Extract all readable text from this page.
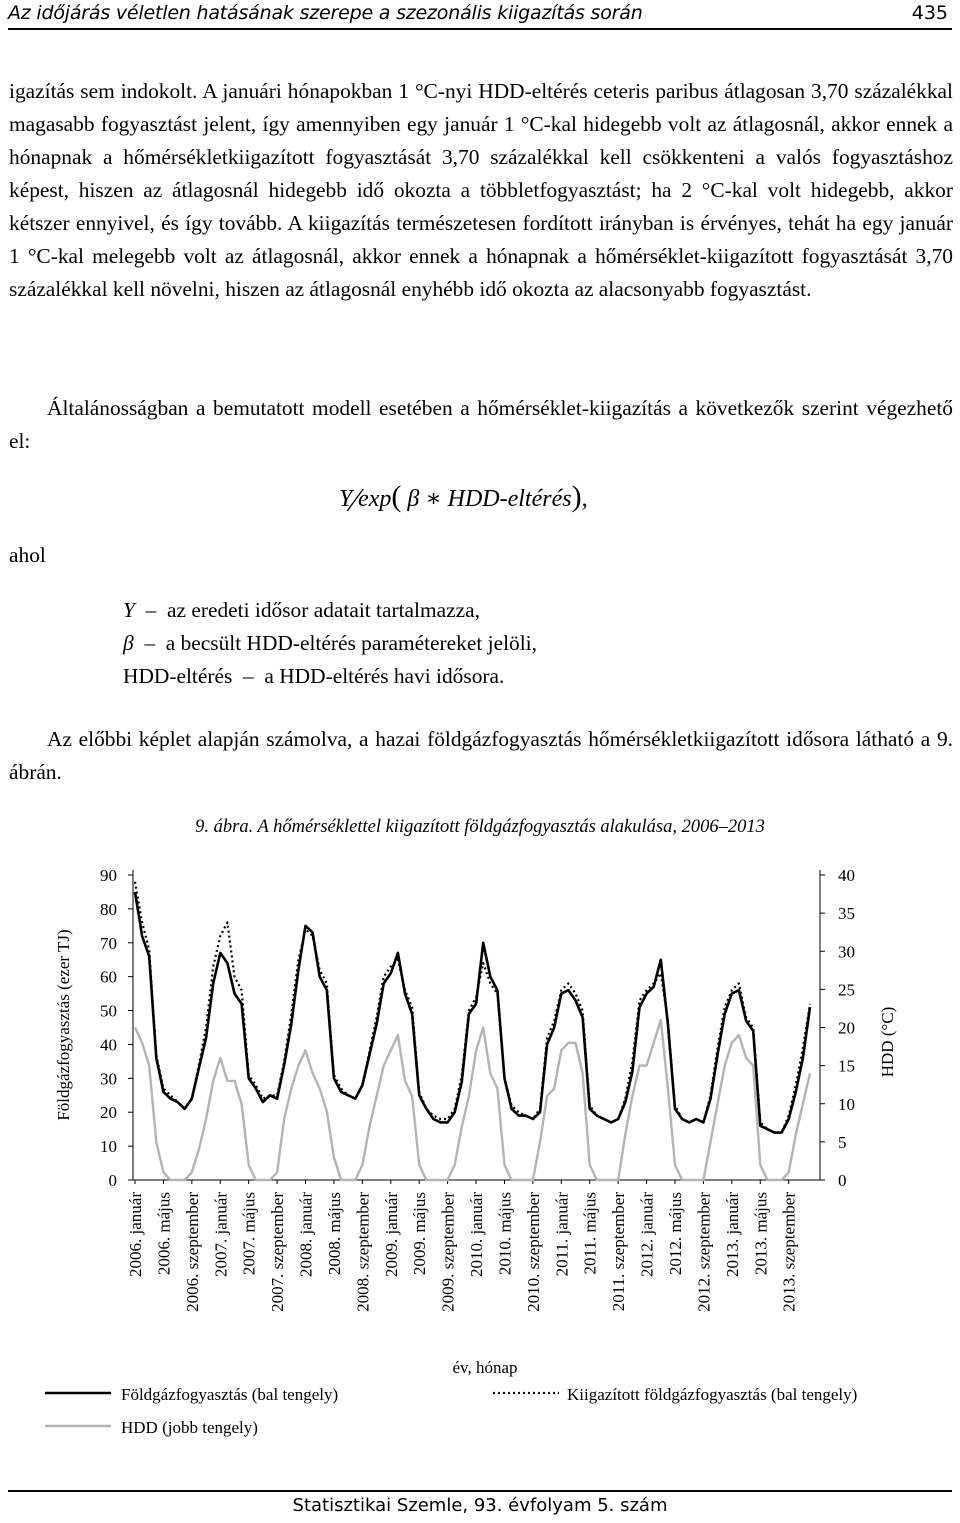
Az időjárás véletlen hatásának szerepe a szezonális kiigazítás során	435
igazítás sem indokolt. A januári hónapokban 1 °C-nyi HDD-eltérés ceteris paribus átlagosan 3,70 százalékkal magasabb fogyasztást jelent, így amennyiben egy január 1 °C-kal hidegebb volt az átlagosnál, akkor ennek a hónapnak a hőmérsékletkiigazított fogyasztását 3,70 százalékkal kell csökkenteni a valós fogyasztáshoz képest, hiszen az átlagosnál hidegebb idő okozta a többletfogyasztást; ha 2 °C-kal volt hidegebb, akkor kétszer ennyivel, és így tovább. A kiigazítás természetesen fordított irányban is érvényes, tehát ha egy január 1 °C-kal melegebb volt az átlagosnál, akkor ennek a hónapnak a hőmérséklet-kiigazított fogyasztását 3,70 százalékkal kell növelni, hiszen az átlagosnál enyhébb idő okozta az alacsonyabb fogyasztást.
Általánosságban a bemutatott modell esetében a hőmérséklet-kiigazítás a következők szerint végezhető el:
Y⁄exp( β ∗ HDD-eltérés),
ahol
Y  –  az eredeti idősor adatait tartalmazza,
β  –  a becsült HDD-eltérés paramétereket jelöli,
HDD-eltérés  –  a HDD-eltérés havi idősora.
Az előbbi képlet alapján számolva, a hazai földgázfogyasztás hőmérsékletkiigazított idősora látható a 9. ábrán.
9. ábra. A hőmérséklettel kiigazított földgázfogyasztás alakulása, 2006–2013
0
10
20
30
40
50
60
70
80
90
0
5
10
15
20
25
30
35
40
Földgázfogyasztás (ezer TJ)	HDD (°C)
2006. január 2006. május 2006. szeptember 2007. január 2007. május 2007. szeptember 2008. január 2008. május 2008. szeptember 2009. január 2009. május 2009. szeptember 2010. január 2010. május 2010. szeptember 2011. január 2011. május 2011. szeptember 2012. január 2012. május 2012. szeptember 2013. január 2013. május 2013. szeptember
év, hónap
Földgázfogyasztás (bal tengely)	Kiigazított földgázfogyasztás (bal tengely)
HDD (jobb tengely)
Statisztikai Szemle, 93. évfolyam 5. szám
